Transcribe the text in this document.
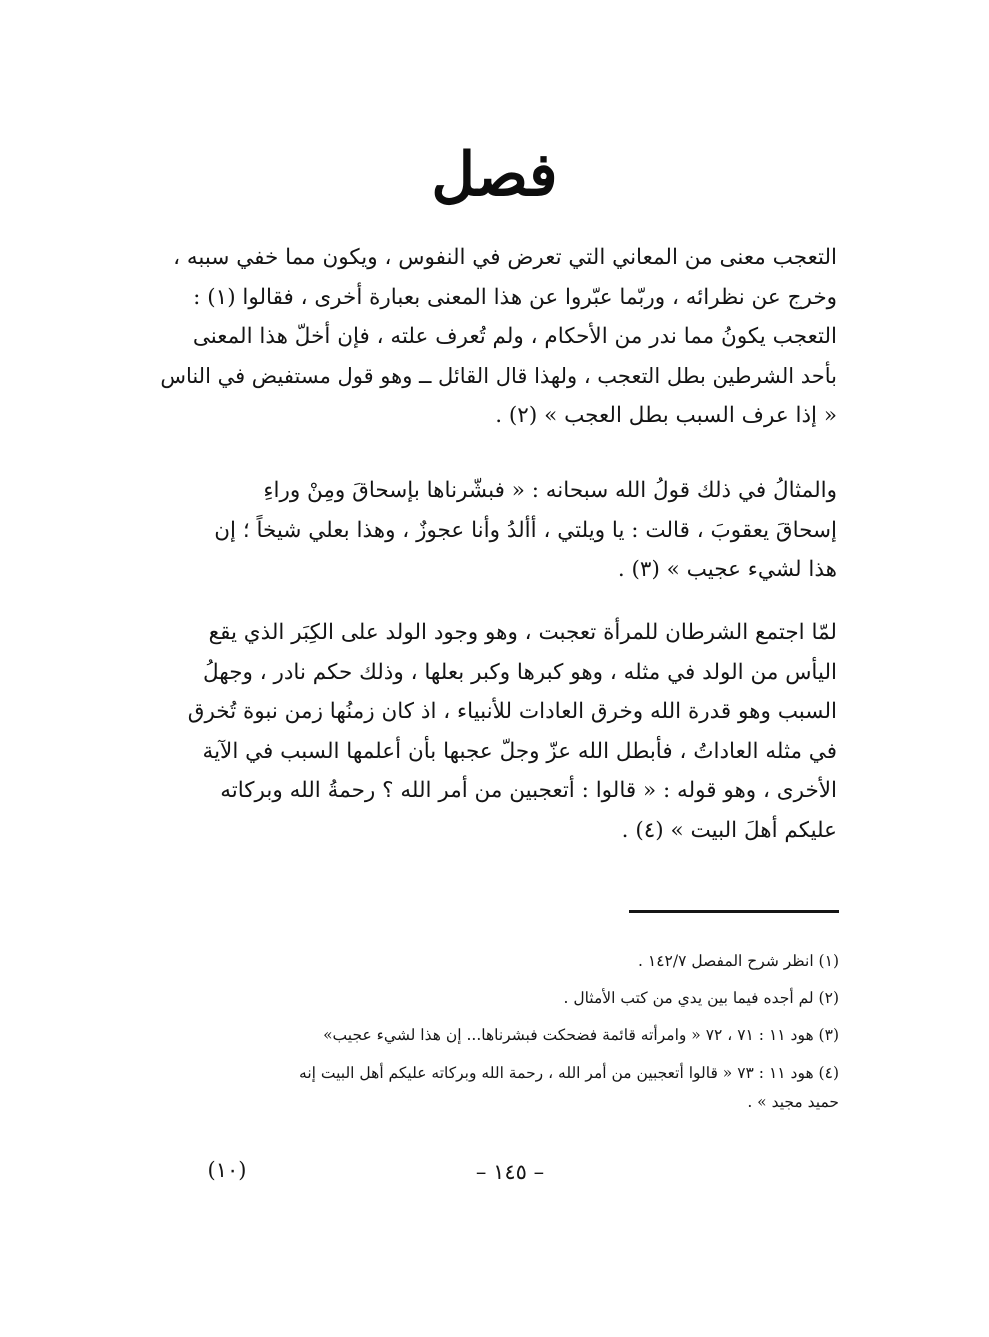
فصل

التعجب معنى من المعاني التي تعرض في النفوس ، ويكون مما خفي سببه ،
وخرج عن نظرائه ، وربّما عبّروا عن هذا المعنى بعبارة أخرى ، فقالوا (١) :
التعجب يكونُ مما ندر من الأحكام ، ولم تُعرف علته ، فإن أخلّ هذا المعنى
بأحد الشرطين بطل التعجب ، ولهذا قال القائل ــ وهو قول مستفيض في الناس
« إذا عرف السبب بطل العجب » (٢) .

والمثالُ في ذلك قولُ الله سبحانه : « فبشّرناها بإسحاقَ ومِنْ وراءِ
إسحاقَ يعقوبَ ، قالت : يا ويلتي ، أألدُ وأنا عجوزٌ ، وهذا بعلي شيخاً ؛ إن
هذا لشيء عجيب » (٣) .

لمّا اجتمع الشرطان للمرأة تعجبت ، وهو وجود الولد على الكِبَر الذي يقع
اليأس من الولد في مثله ، وهو كبرها وكبر بعلها ، وذلك حكم نادر ، وجهلُ
السبب وهو قدرة الله وخرق العادات للأنبياء ، اذ كان زمنُها زمن نبوة تُخرق
في مثله العاداتُ ، فأبطل الله عزّ وجلّ عجبها بأن أعلمها السبب في الآية
الأخرى ، وهو قوله : « قالوا : أتعجبين من أمر الله ؟ رحمةُ الله وبركاته
عليكم أهلَ البيت » (٤) .

(١) انظر شرح المفصل ١٤٢/٧ .
(٢) لم أجده فيما بين يدي من كتب الأمثال .
(٣) هود ١١ : ٧١ ، ٧٢ « وامرأته قائمة فضحكت فبشرناها... إن هذا لشيء عجيب»
(٤) هود ١١ : ٧٣ « قالوا أتعجبين من أمر الله ، رحمة الله وبركاته عليكم أهل البيت إنه
حميد مجيد » .
– ١٤٥ –
(١٠)
